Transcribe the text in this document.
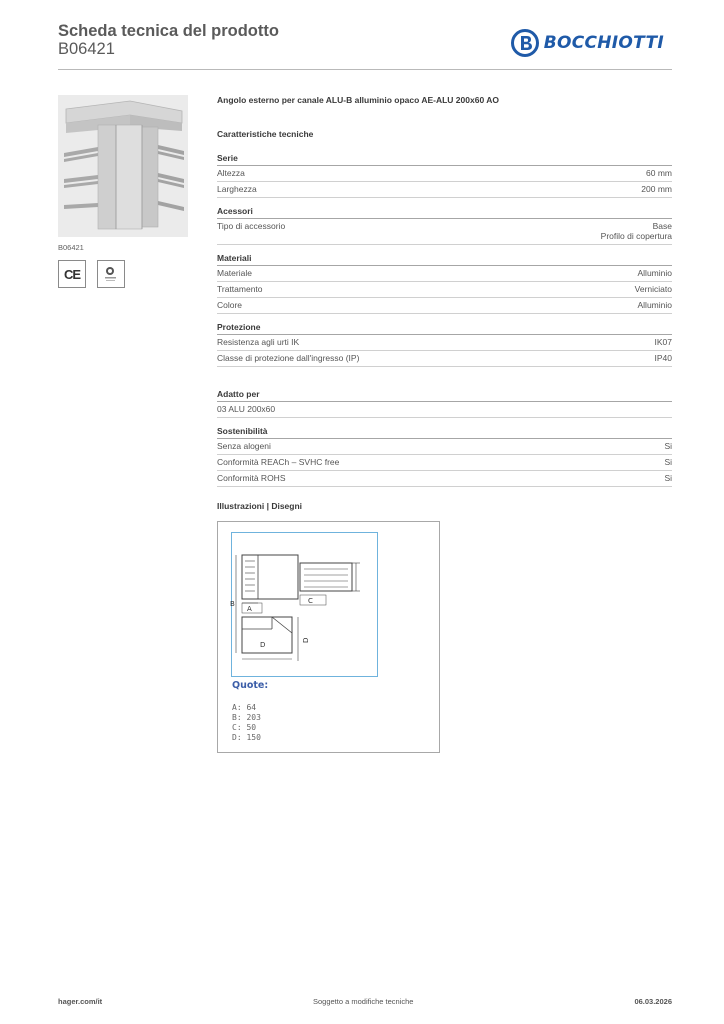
Scheda tecnica del prodotto
B06421	BOCCHIOTTI
B06421
CE
Angolo esterno per canale ALU-B alluminio opaco AE-ALU 200x60 AO
Caratteristiche tecniche
Serie
Altezza	60 mm
Larghezza	200 mm
Acessori
Tipo di accessorio	Base
Profilo di copertura
Materiali
Materiale	Alluminio
Trattamento	Verniciato
Colore	Alluminio
Protezione
Resistenza agli urti IK	IK07
Classe di protezione dall'ingresso (IP)	IP40
Adatto per
03 ALU 200x60
Sostenibilità
Senza alogeni	Si
Conformità REACh – SVHC free	Si
Conformità ROHS	Si
Illustrazioni | Disegni
A
B	C
D
D
Quote:
A: 64
B: 203
C: 50
D: 150
hager.com/it	Soggetto a modifiche tecniche	06.03.2026
